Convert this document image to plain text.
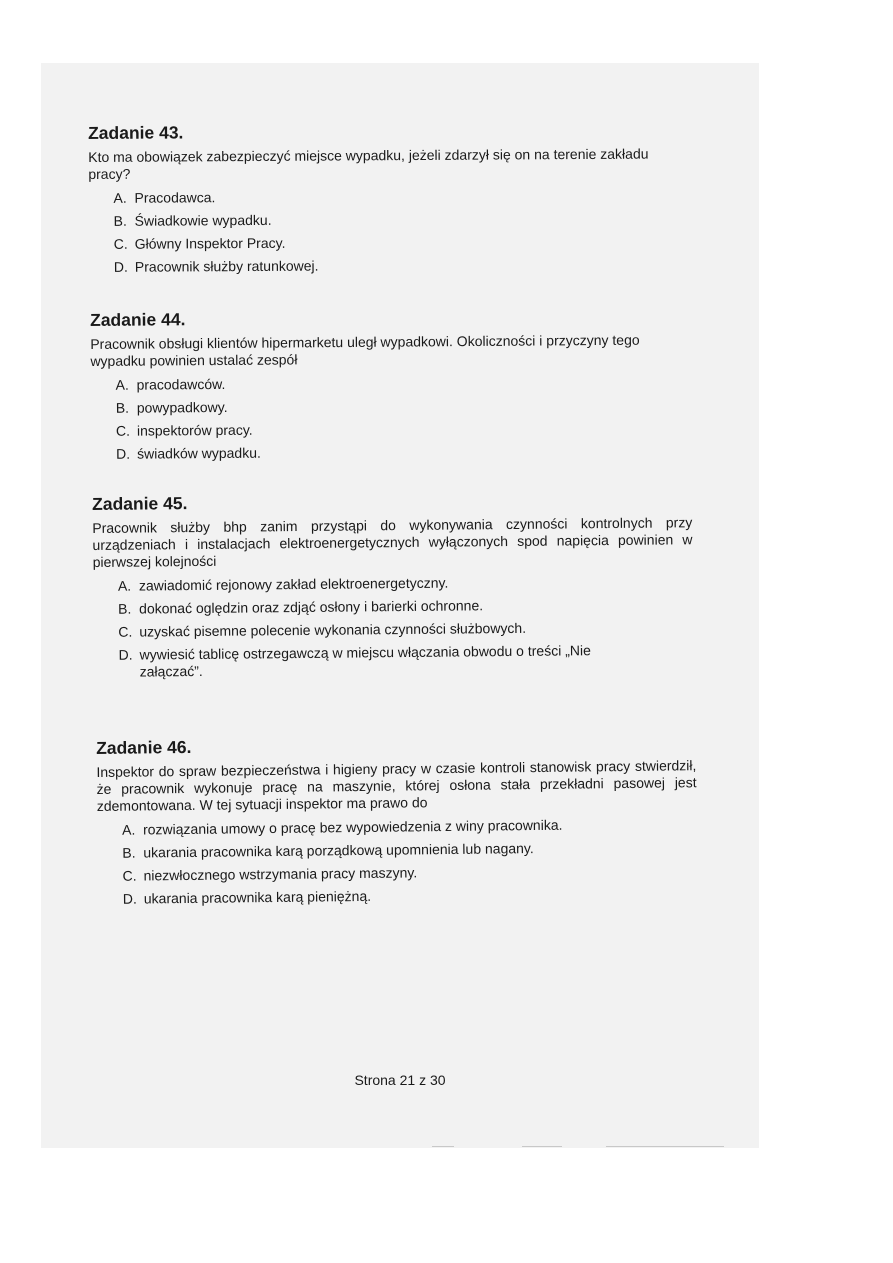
Zadanie 43.
Kto ma obowiązek zabezpieczyć miejsce wypadku, jeżeli zdarzył się on na terenie zakładu pracy?
A. Pracodawca.
B. Świadkowie wypadku.
C. Główny Inspektor Pracy.
D. Pracownik służby ratunkowej.
Zadanie 44.
Pracownik obsługi klientów hipermarketu uległ wypadkowi. Okoliczności i przyczyny tego wypadku powinien ustalać zespół
A. pracodawców.
B. powypadkowy.
C. inspektorów pracy.
D. świadków wypadku.
Zadanie 45.
Pracownik służby bhp zanim przystąpi do wykonywania czynności kontrolnych przy urządzeniach i instalacjach elektroenergetycznych wyłączonych spod napięcia powinien w pierwszej kolejności
A. zawiadomić rejonowy zakład elektroenergetyczny.
B. dokonać oględzin oraz zdjąć osłony i barierki ochronne.
C. uzyskać pisemne polecenie wykonania czynności służbowych.
D. wywiesić tablicę ostrzegawczą w miejscu włączania obwodu o treści „Nie załączać”.
Zadanie 46.
Inspektor do spraw bezpieczeństwa i higieny pracy w czasie kontroli stanowisk pracy stwierdził, że pracownik wykonuje pracę na maszynie, której osłona stała przekładni pasowej jest zdemontowana. W tej sytuacji inspektor ma prawo do
A. rozwiązania umowy o pracę bez wypowiedzenia z winy pracownika.
B. ukarania pracownika karą porządkową upomnienia lub nagany.
C. niezwłocznego wstrzymania pracy maszyny.
D. ukarania pracownika karą pieniężną.
Strona 21 z 30
